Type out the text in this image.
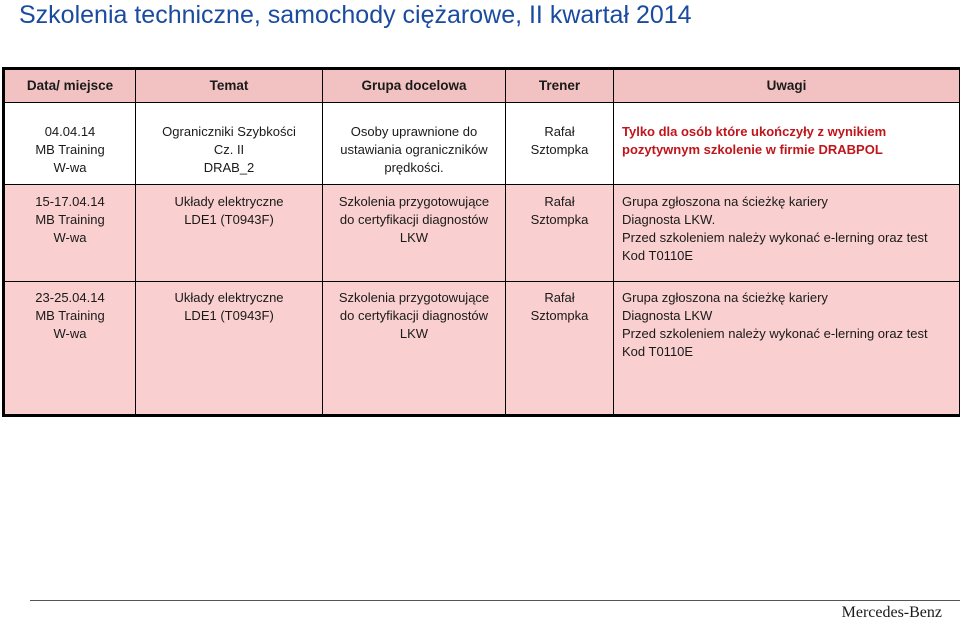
Szkolenia techniczne, samochody ciężarowe, II kwartał 2014
Data/ miejsce	Temat	Grupa docelowa	Trener	Uwagi

04.04.14
MB Training
W-wa	Ograniczniki Szybkości
Cz. II
DRAB_2	Osoby uprawnione do
ustawiania ograniczników
prędkości.	Rafał
Sztompka	Tylko dla osób które ukończyły z wynikiem
pozytywnym szkolenie w firmie DRABPOL

15-17.04.14
MB Training
W-wa	Układy elektryczne
LDE1 (T0943F)	Szkolenia przygotowujące
do certyfikacji diagnostów
LKW	Rafał
Sztompka	Grupa zgłoszona na ścieżkę kariery
Diagnosta LKW.
Przed szkoleniem należy wykonać e-lerning oraz test
Kod T0110E

23-25.04.14
MB Training
W-wa	Układy elektryczne
LDE1 (T0943F)	Szkolenia przygotowujące
do certyfikacji diagnostów
LKW	Rafał
Sztompka	Grupa zgłoszona na ścieżkę kariery
Diagnosta LKW
Przed szkoleniem należy wykonać e-lerning oraz test
Kod T0110E
Mercedes-Benz
